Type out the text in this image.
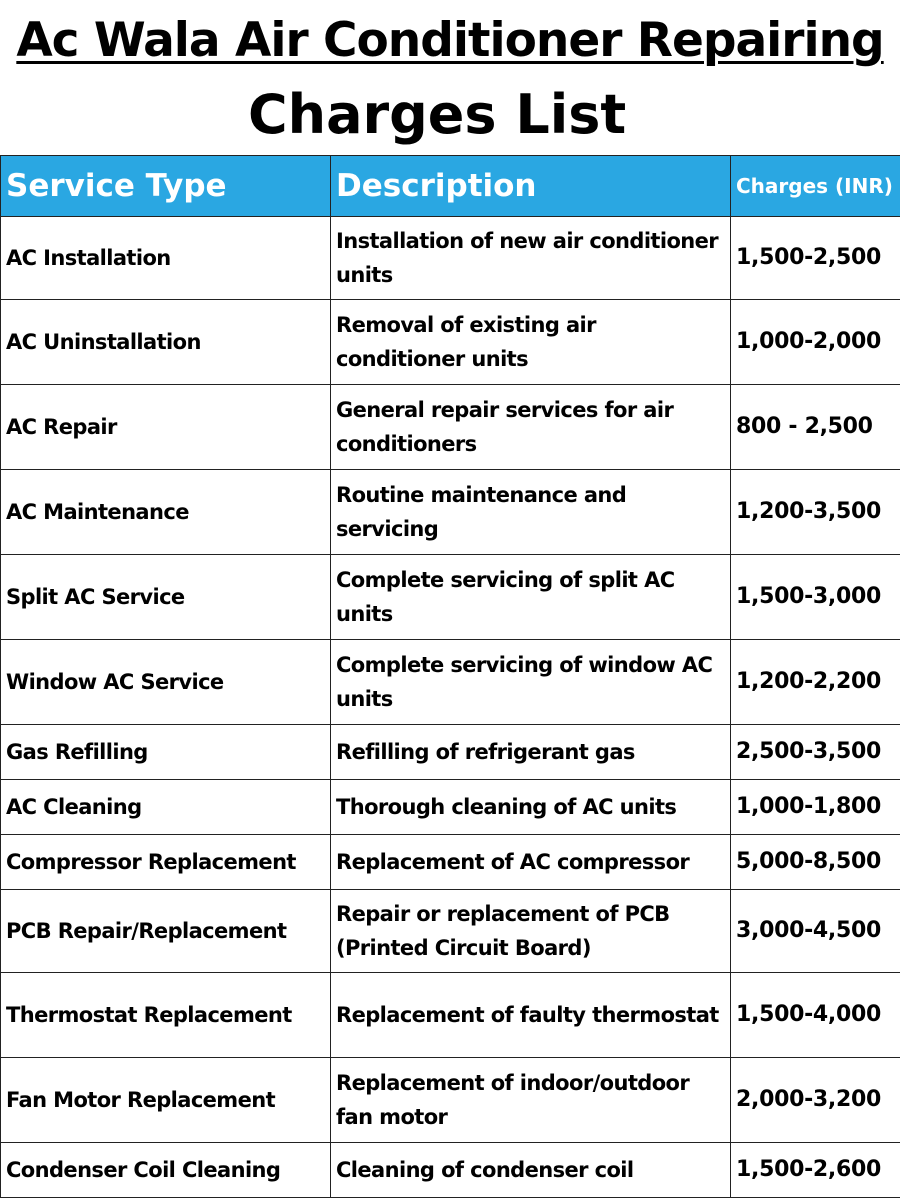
Ac Wala Air Conditioner Repairing
Charges List
Service Type	Description	Charges (INR)
AC Installation	Installation of new air conditioner units	1,500-2,500
AC Uninstallation	Removal of existing air conditioner units	1,000-2,000
AC Repair	General repair services for air conditioners	800 - 2,500
AC Maintenance	Routine maintenance and servicing	1,200-3,500
Split AC Service	Complete servicing of split AC units	1,500-3,000
Window AC Service	Complete servicing of window AC units	1,200-2,200
Gas Refilling	Refilling of refrigerant gas	2,500-3,500
AC Cleaning	Thorough cleaning of AC units	1,000-1,800
Compressor Replacement	Replacement of AC compressor	5,000-8,500
PCB Repair/Replacement	Repair or replacement of PCB (Printed Circuit Board)	3,000-4,500
Thermostat Replacement	Replacement of faulty thermostat	1,500-4,000
Fan Motor Replacement	Replacement of indoor/outdoor fan motor	2,000-3,200
Condenser Coil Cleaning	Cleaning of condenser coil	1,500-2,600
